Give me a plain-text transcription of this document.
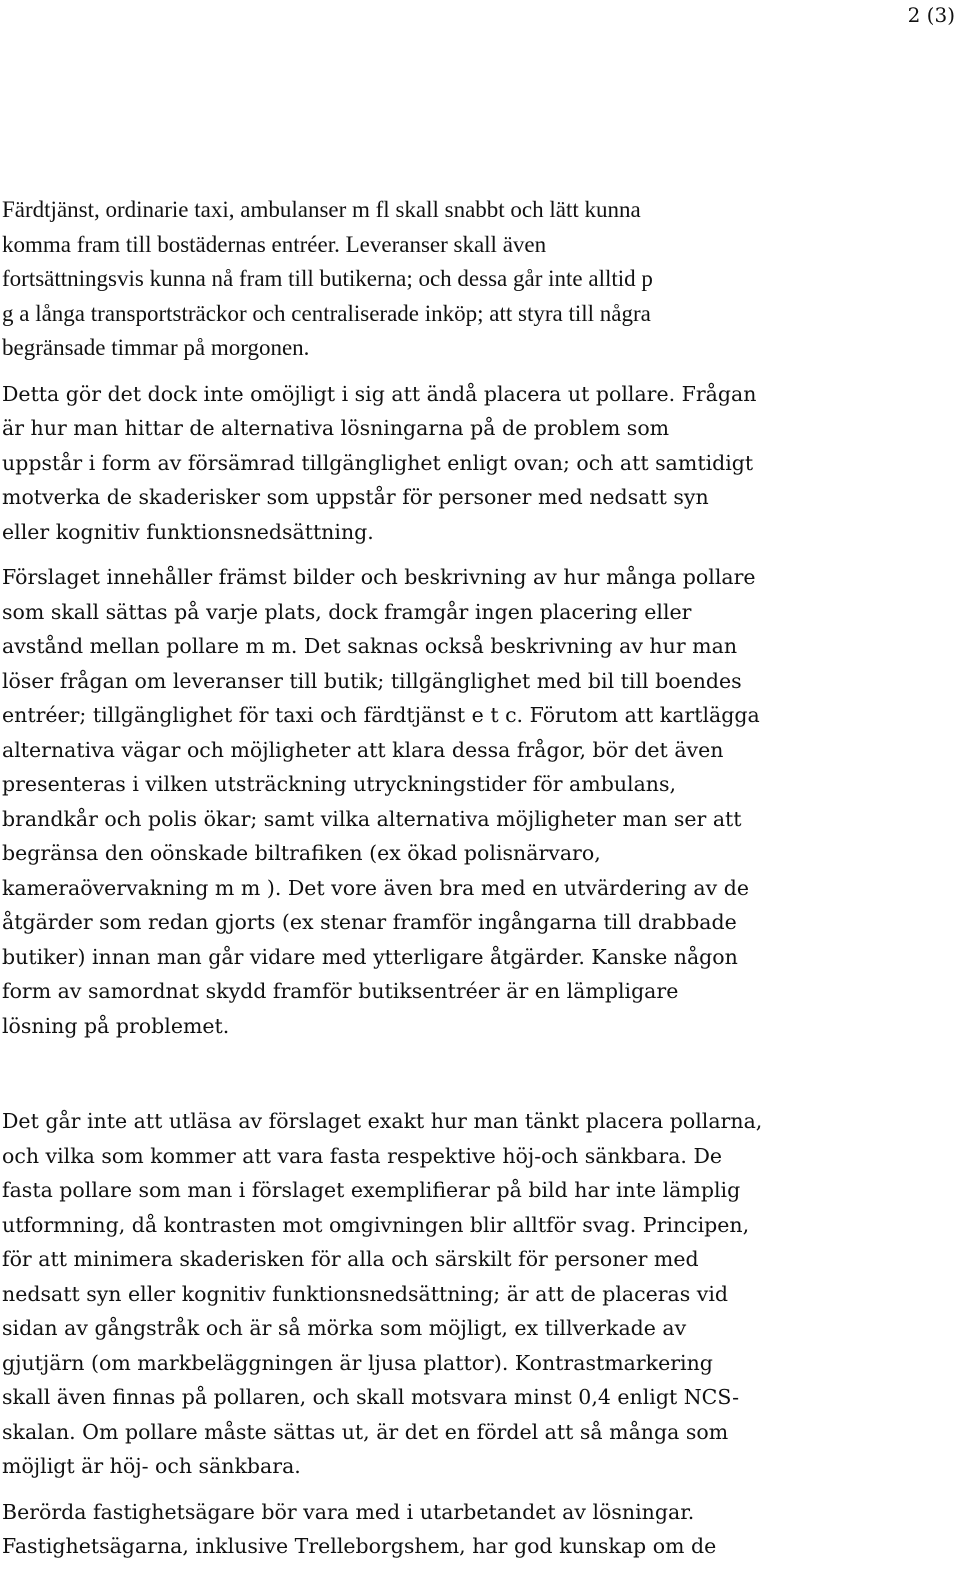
2 (3)

Färdtjänst, ordinarie taxi, ambulanser m fl skall snabbt och lätt kunna
komma fram till bostädernas entréer. Leveranser skall även
fortsättningsvis kunna nå fram till butikerna; och dessa går inte alltid p
g a långa transportsträckor och centraliserade inköp; att styra till några
begränsade timmar på morgonen.

Detta gör det dock inte omöjligt i sig att ändå placera ut pollare. Frågan
är hur man hittar de alternativa lösningarna på de problem som
uppstår i form av försämrad tillgänglighet enligt ovan; och att samtidigt
motverka de skaderisker som uppstår för personer med nedsatt syn
eller kognitiv funktionsnedsättning.

Förslaget innehåller främst bilder och beskrivning av hur många pollare
som skall sättas på varje plats, dock framgår ingen placering eller
avstånd mellan pollare m m. Det saknas också beskrivning av hur man
löser frågan om leveranser till butik; tillgänglighet med bil till boendes
entréer; tillgänglighet för taxi och färdtjänst e t c. Förutom att kartlägga
alternativa vägar och möjligheter att klara dessa frågor, bör det även
presenteras i vilken utsträckning utryckningstider för ambulans,
brandkår och polis ökar; samt vilka alternativa möjligheter man ser att
begränsa den oönskade biltrafiken (ex ökad polisnärvaro,
kameraövervakning m m ). Det vore även bra med en utvärdering av de
åtgärder som redan gjorts (ex stenar framför ingångarna till drabbade
butiker) innan man går vidare med ytterligare åtgärder. Kanske någon
form av samordnat skydd framför butiksentréer är en lämpligare
lösning på problemet.

Det går inte att utläsa av förslaget exakt hur man tänkt placera pollarna,
och vilka som kommer att vara fasta respektive höj-och sänkbara. De
fasta pollare som man i förslaget exemplifierar på bild har inte lämplig
utformning, då kontrasten mot omgivningen blir alltför svag. Principen,
för att minimera skaderisken för alla och särskilt för personer med
nedsatt syn eller kognitiv funktionsnedsättning; är att de placeras vid
sidan av gångstråk och är så mörka som möjligt, ex tillverkade av
gjutjärn (om markbeläggningen är ljusa plattor). Kontrastmarkering
skall även finnas på pollaren, och skall motsvara minst 0,4 enligt NCS-
skalan. Om pollare måste sättas ut, är det en fördel att så många som
möjligt är höj- och sänkbara.

Berörda fastighetsägare bör vara med i utarbetandet av lösningar.
Fastighetsägarna, inklusive Trelleborgshem, har god kunskap om de
